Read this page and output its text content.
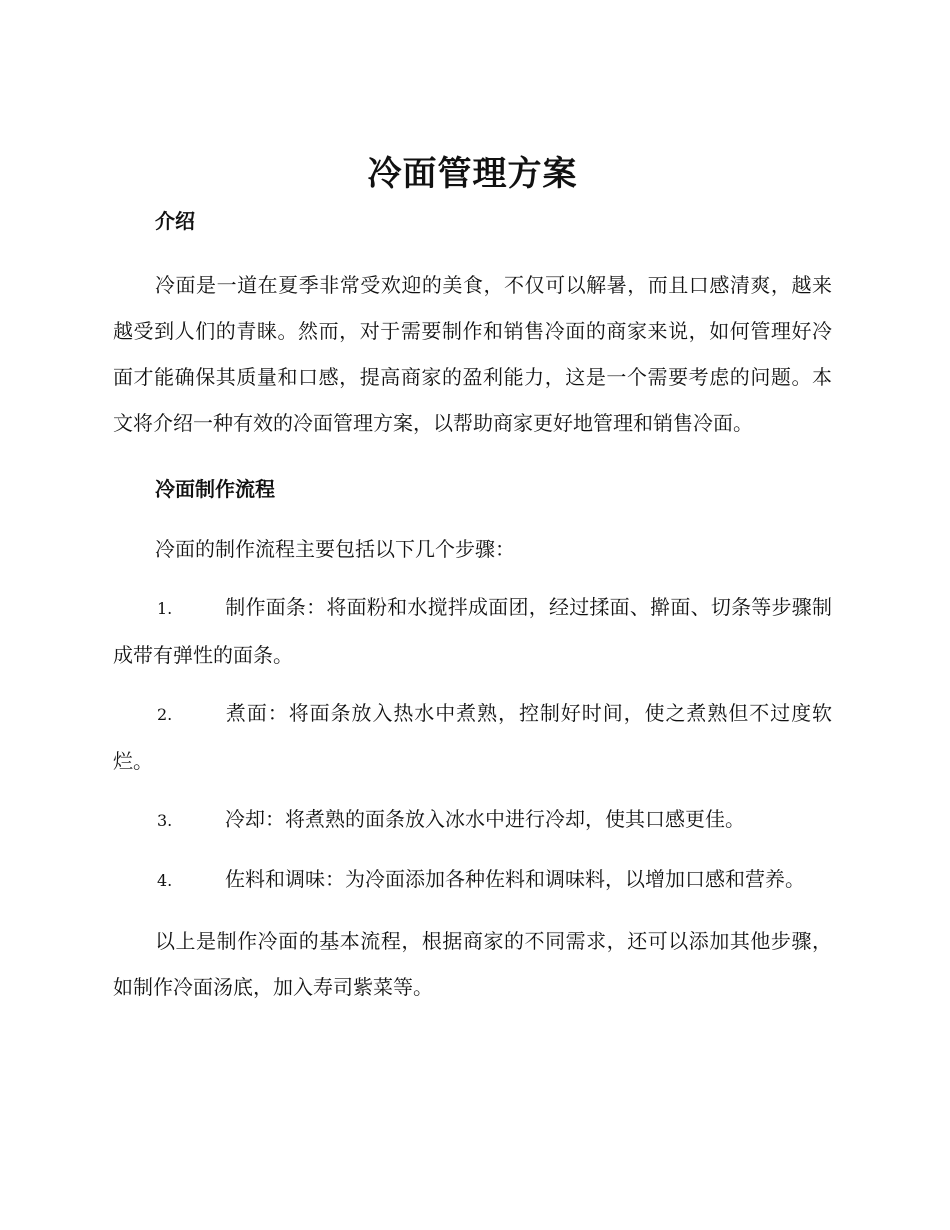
冷面管理方案
介绍

冷面是一道在夏季非常受欢迎的美食，不仅可以解暑，而且口感清爽，越来越受到人们的青睐。然而，对于需要制作和销售冷面的商家来说，如何管理好冷面才能确保其质量和口感，提高商家的盈利能力，这是一个需要考虑的问题。本文将介绍一种有效的冷面管理方案，以帮助商家更好地管理和销售冷面。

冷面制作流程

冷面的制作流程主要包括以下几个步骤：

1.	制作面条：将面粉和水搅拌成面团，经过揉面、擀面、切条等步骤制成带有弹性的面条。
2.	煮面：将面条放入热水中煮熟，控制好时间，使之煮熟但不过度软烂。
3.	冷却：将煮熟的面条放入冰水中进行冷却，使其口感更佳。
4.	佐料和调味：为冷面添加各种佐料和调味料，以增加口感和营养。

以上是制作冷面的基本流程，根据商家的不同需求，还可以添加其他步骤，如制作冷面汤底，加入寿司紫菜等。
